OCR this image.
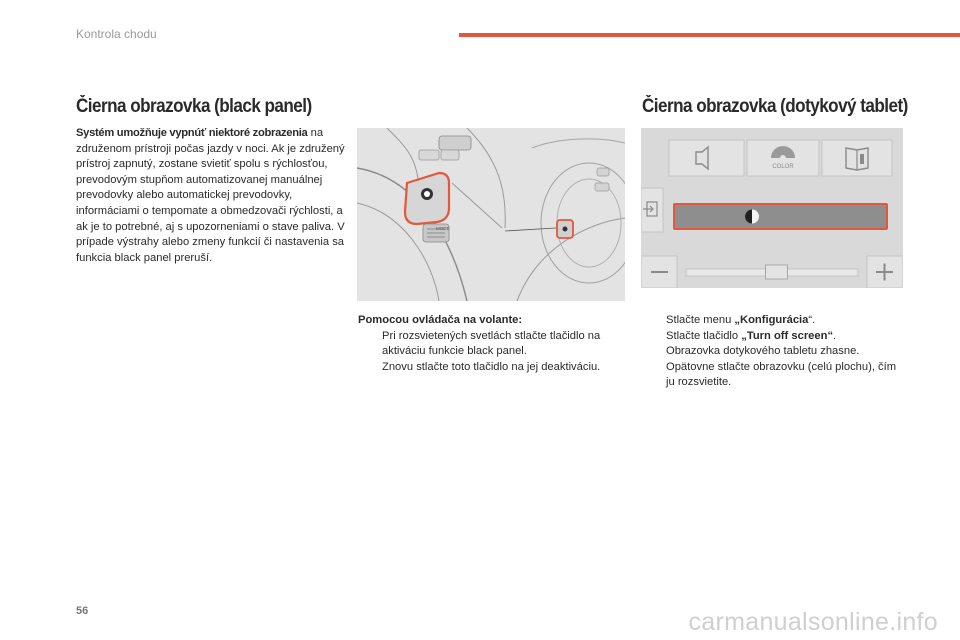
Kontrola chodu
Čierna obrazovka (black panel)
Systém umožňuje vypnúť niektoré zobrazenia na združenom prístroji počas jazdy v noci. Ak je združený prístroj zapnutý, zostane svietiť spolu s rýchlosťou, prevodovým stupňom automatizovanej manuálnej prevodovky alebo automatickej prevodovky, informáciami o tempomate a obmedzovači rýchlosti, a ak je to potrebné, aj s upozorneniami o stave paliva. V prípade výstrahy alebo zmeny funkcií či nastavenia sa funkcia black panel preruší.
MODE
Čierna obrazovka (dotykový tablet)
COLOR
Pomocou ovládača na volante:
Pri rozsvietených svetlách stlačte tlačidlo na aktiváciu funkcie black panel.
Znovu stlačte toto tlačidlo na jej deaktiváciu.
Stlačte menu „Konfigurácia“.
Stlačte tlačidlo „Turn off screen“.
Obrazovka dotykového tabletu zhasne. Opätovne stlačte obrazovku (celú plochu), čím ju rozsvietite.
56	carmanualsonline.info
